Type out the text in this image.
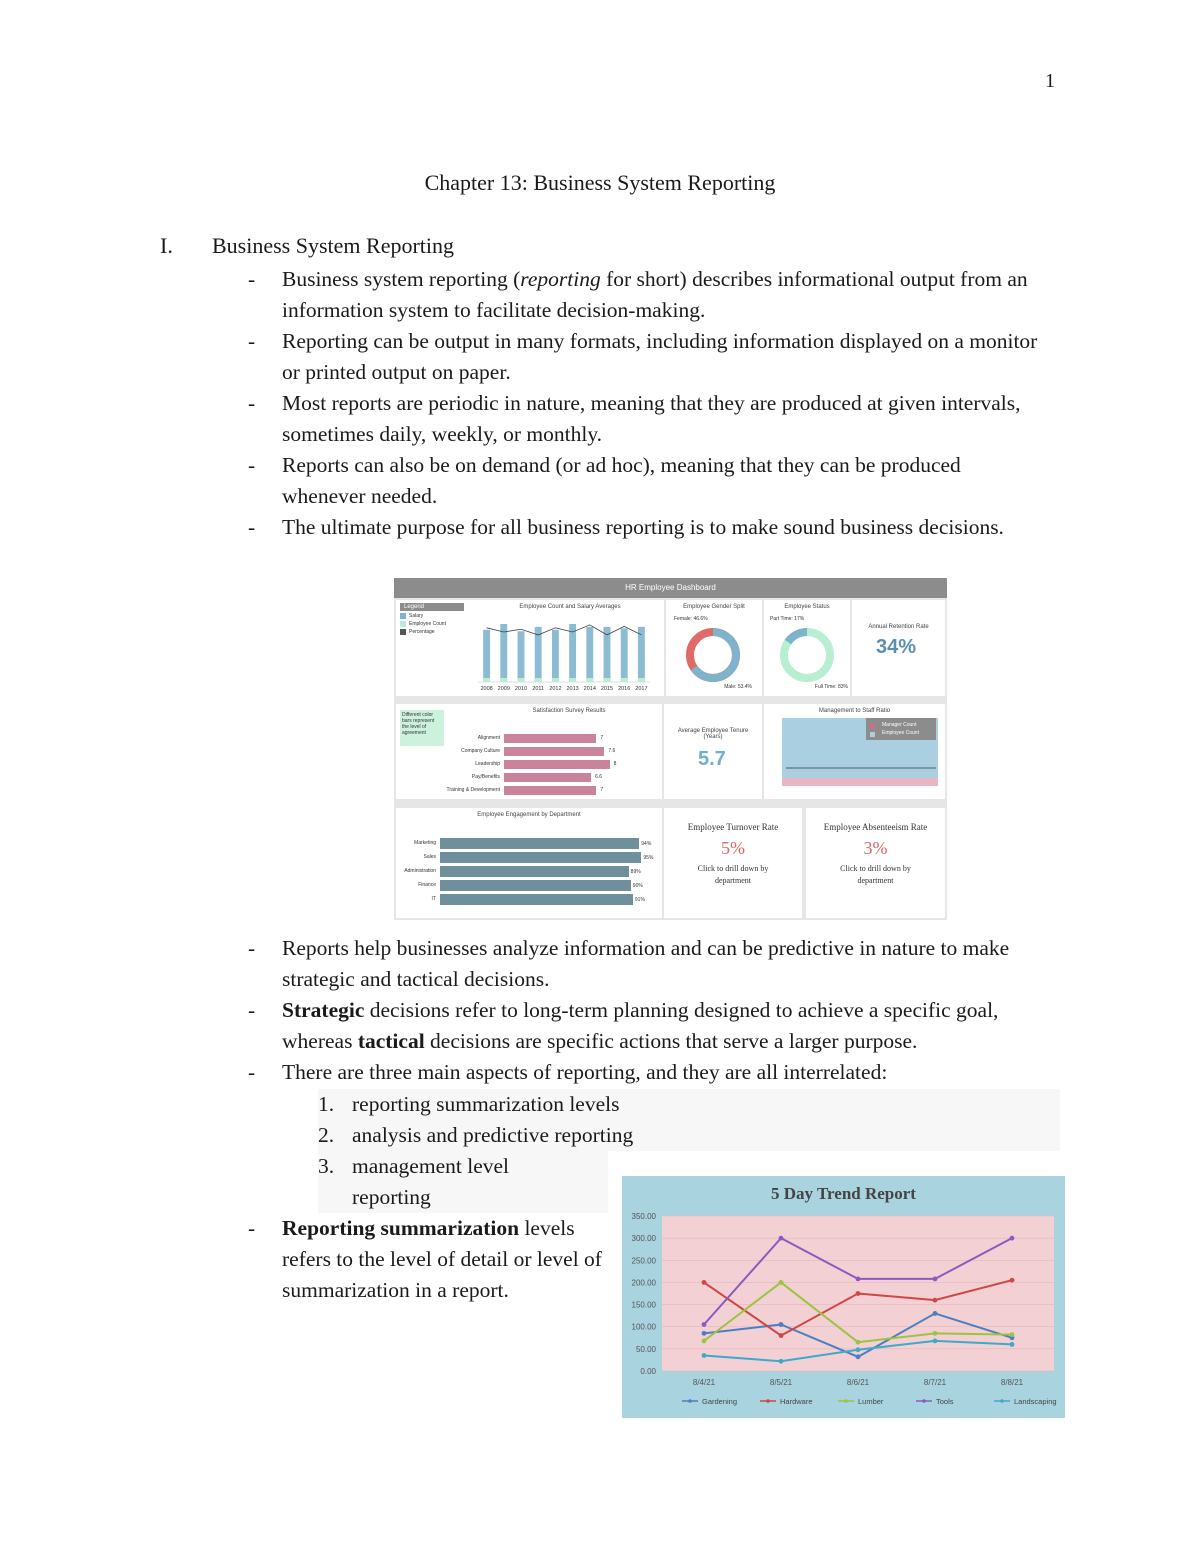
1
Chapter 13: Business System Reporting
I. Business System Reporting
- Business system reporting (reporting for short) describes informational output from an information system to facilitate decision-making.
- Reporting can be output in many formats, including information displayed on a monitor or printed output on paper.
- Most reports are periodic in nature, meaning that they are produced at given intervals, sometimes daily, weekly, or monthly.
- Reports can also be on demand (or ad hoc), meaning that they can be produced whenever needed.
- The ultimate purpose for all business reporting is to make sound business decisions.
HR Employee Dashboard
Legend
Salary
Employee Count
Percentage
Employee Count and Salary Averages
2008 2009 2010 2011 2012 2013 2014 2015 2016 2017
Employee Gender Split
Female: 46.6%
Male: 53.4%
Employee Status
Part Time: 17%
Full Time: 83%
Annual Retention Rate
34%
Different color bars represent the level of agreement
Satisfaction Survey Results
Alignment	7
Company Culture	7.6
Leadership	8
Pay/Benefits	6.6
Training & Development	7
Average Employee Tenure (Years)
5.7
Management to Staff Ratio
Manager Count
Employee Count
Employee Engagement by Department
Marketing	94%
Sales	95%
Administration	89%
Finance	90%
IT	91%
Employee Turnover Rate
5%
Click to drill down by
department
Employee Absenteeism Rate
3%
Click to drill down by
department
- Reports help businesses analyze information and can be predictive in nature to make strategic and tactical decisions.
- Strategic decisions refer to long-term planning designed to achieve a specific goal, whereas tactical decisions are specific actions that serve a larger purpose.
- There are three main aspects of reporting, and they are all interrelated:
1. reporting summarization levels
2. analysis and predictive reporting
3. management level
reporting
- Reporting summarization levels refers to the level of detail or level of summarization in a report.
5 Day Trend Report
0.00
50.00
100.00
150.00
200.00
250.00
300.00
350.00
8/4/21	8/5/21	8/6/21	8/7/21	8/8/21
Gardening	Hardware	Lumber	Tools	Landscaping
